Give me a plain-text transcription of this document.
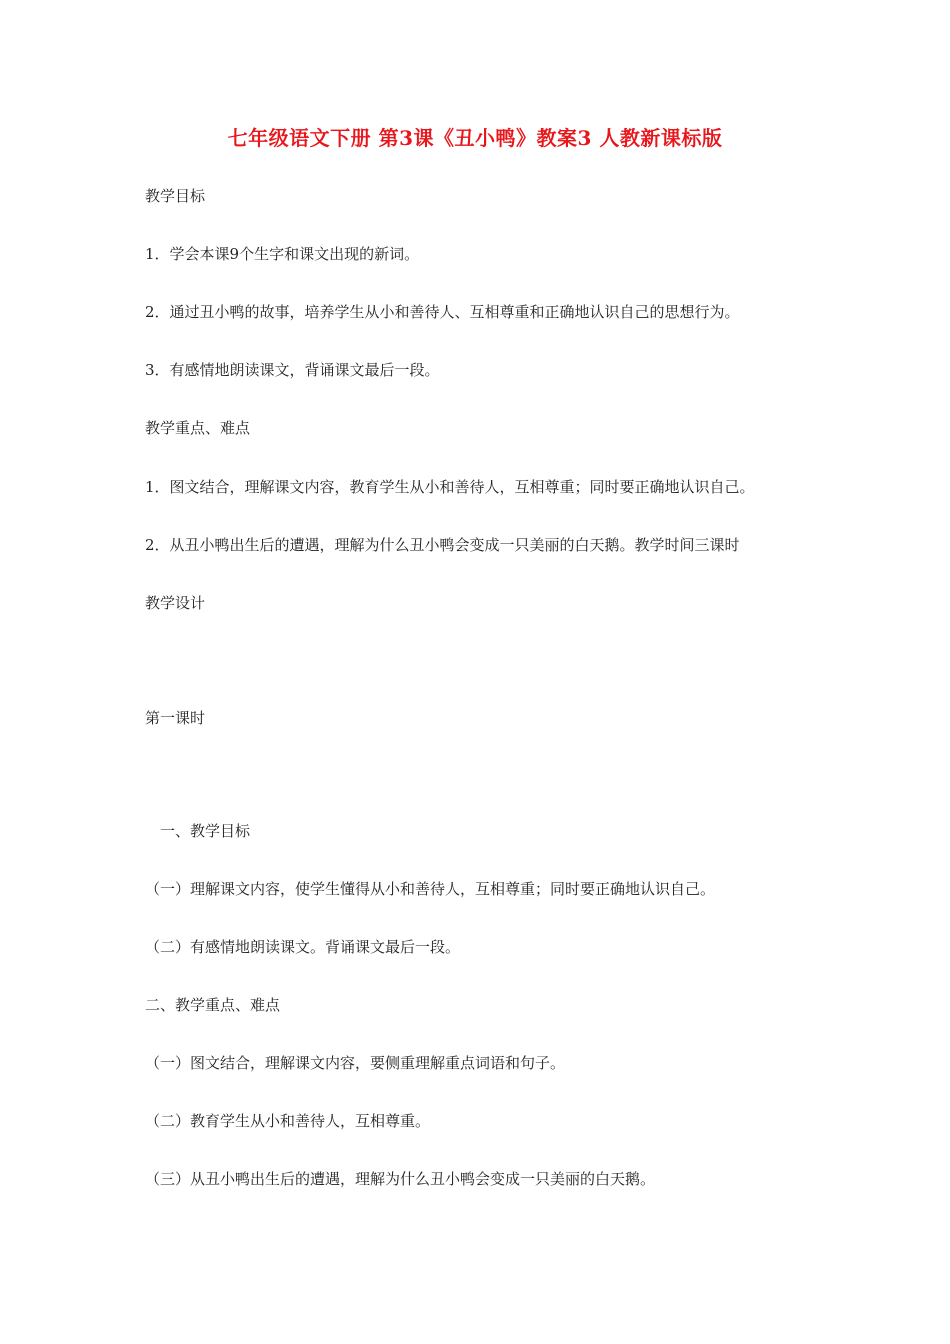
七年级语文下册 第3课《丑小鸭》教案3 人教新课标版
教学目标
1．学会本课9个生字和课文出现的新词。
2．通过丑小鸭的故事，培养学生从小和善待人、互相尊重和正确地认识自己的思想行为。
3．有感情地朗读课文，背诵课文最后一段。
教学重点、难点
1．图文结合，理解课文内容，教育学生从小和善待人，互相尊重；同时要正确地认识自己。
2．从丑小鸭出生后的遭遇，理解为什么丑小鸭会变成一只美丽的白天鹅。教学时间三课时
教学设计
第一课时
一、教学目标
（一）理解课文内容，使学生懂得从小和善待人，互相尊重；同时要正确地认识自己。
（二）有感情地朗读课文。背诵课文最后一段。
二、教学重点、难点
（一）图文结合，理解课文内容，要侧重理解重点词语和句子。
（二）教育学生从小和善待人，互相尊重。
（三）从丑小鸭出生后的遭遇，理解为什么丑小鸭会变成一只美丽的白天鹅。
